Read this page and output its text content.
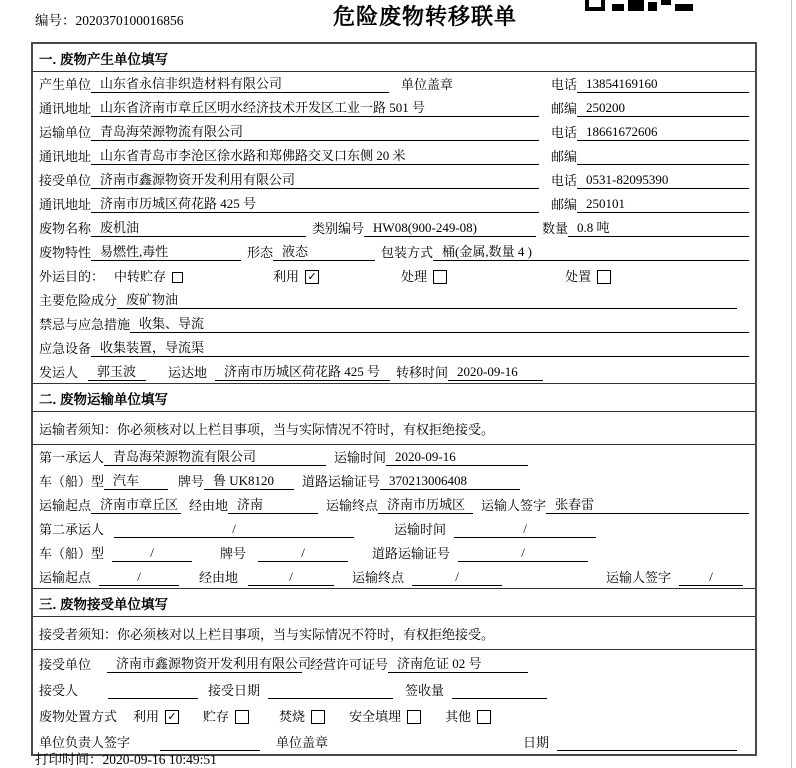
编号：2020370100016856	危险废物转移联单
一. 废物产生单位填写
产生单位 山东省永信非织造材料有限公司	单位盖章	电话 13854169160
通讯地址 山东省济南市章丘区明水经济技术开发区工业一路 501 号	邮编 250200
运输单位 青岛海荣源物流有限公司	电话 18661672606
通讯地址 山东省青岛市李沧区徐水路和郑佛路交叉口东侧 20 米	邮编
接受单位 济南市鑫源物资开发利用有限公司	电话 0531-82095390
通讯地址 济南市历城区荷花路 425 号	邮编 250101
废物名称 废机油	类别编号 HW08(900-249-08)	数量 0.8 吨
废物特性 易燃性,毒性	形态 液态	包装方式 桶(金属,数量 4 )
外运目的： 中转贮存	利用 ✓	处理	处置
主要危险成分 废矿物油
禁忌与应急措施 收集、导流
应急设备 收集装置，导流渠
发运人	郭玉波	运达地	济南市历城区荷花路 425 号	转移时间 2020-09-16
二. 废物运输单位填写
运输者须知：你必须核对以上栏目事项，当与实际情况不符时，有权拒绝接受。
第一承运人 青岛海荣源物流有限公司	运输时间 2020-09-16
车（船）型 汽车	牌号 鲁 UK8120	道路运输证号 370213006408
运输起点 济南市章丘区 经由地 济南	运输终点 济南市历城区	运输人签字 张春雷
第二承运人	/	运输时间	/
车（船）型	/	牌号	/	道路运输证号	/
运输起点	/	经由地	/	运输终点	/	运输人签字	/
三. 废物接受单位填写
接受者须知：你必须核对以上栏目事项，当与实际情况不符时，有权拒绝接受。
接受单位	济南市鑫源物资开发利用有限公司
经营许可证号 济南危证 02 号
接受人	接受日期	签收量
废物处置方式 利用 ✓ 贮存	焚烧	安全填埋	其他
单位负责人签字	单位盖章	日期
打印时间：2020-09-16 10:49:51
